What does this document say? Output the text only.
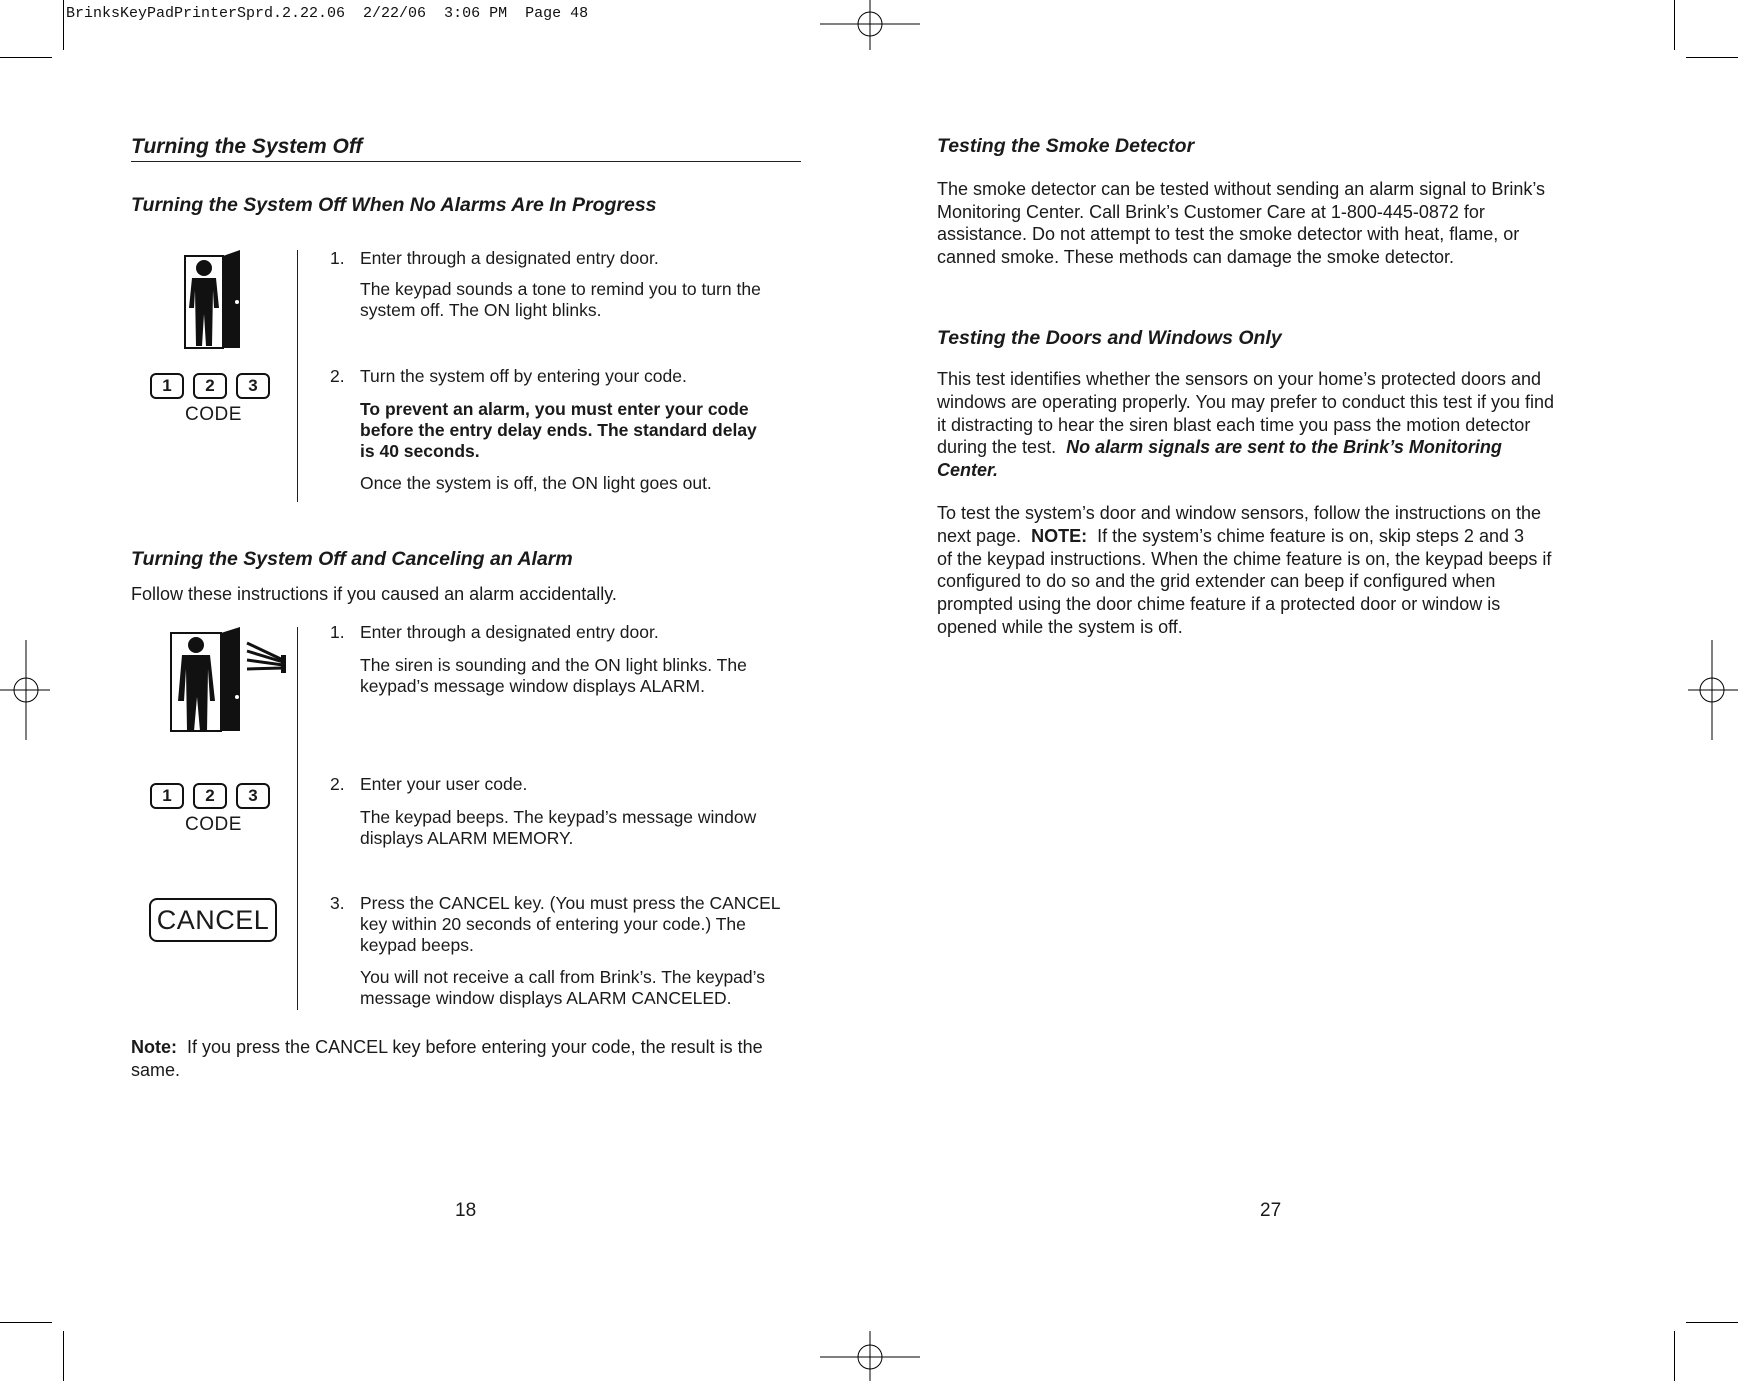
BrinksKeyPadPrinterSprd.2.22.06  2/22/06  3:06 PM  Page 48
Turning the System Off
Turning the System Off When No Alarms Are In Progress
1	2	3
CODE
1. Enter through a designated entry door.
The keypad sounds a tone to remind you to turn the
system off. The ON light blinks.
2. Turn the system off by entering your code.
To prevent an alarm, you must enter your code
before the entry delay ends. The standard delay
is 40 seconds.
Once the system is off, the ON light goes out.
Turning the System Off and Canceling an Alarm

Follow these instructions if you caused an alarm accidentally.

1	2	3
CODE
CANCEL
1. Enter through a designated entry door.
The siren is sounding and the ON light blinks. The
keypad’s message window displays ALARM.
2. Enter your user code.
The keypad beeps. The keypad’s message window
displays ALARM MEMORY.
3. Press the CANCEL key. (You must press the CANCEL
key within 20 seconds of entering your code.) The
keypad beeps.
You will not receive a call from Brink’s. The keypad’s
message window displays ALARM CANCELED.

Note: If you press the CANCEL key before entering your code, the result is the
same.

18
Testing the Smoke Detector

The smoke detector can be tested without sending an alarm signal to Brink’s
Monitoring Center. Call Brink’s Customer Care at 1-800-445-0872 for
assistance. Do not attempt to test the smoke detector with heat, flame, or
canned smoke. These methods can damage the smoke detector.

Testing the Doors and Windows Only

This test identifies whether the sensors on your home’s protected doors and
windows are operating properly. You may prefer to conduct this test if you find
it distracting to hear the siren blast each time you pass the motion detector
during the test. No alarm signals are sent to the Brink’s Monitoring
Center.

To test the system’s door and window sensors, follow the instructions on the
next page. NOTE: If the system’s chime feature is on, skip steps 2 and 3
of the keypad instructions. When the chime feature is on, the keypad beeps if
configured to do so and the grid extender can beep if configured when
prompted using the door chime feature if a protected door or window is
opened while the system is off.

27
